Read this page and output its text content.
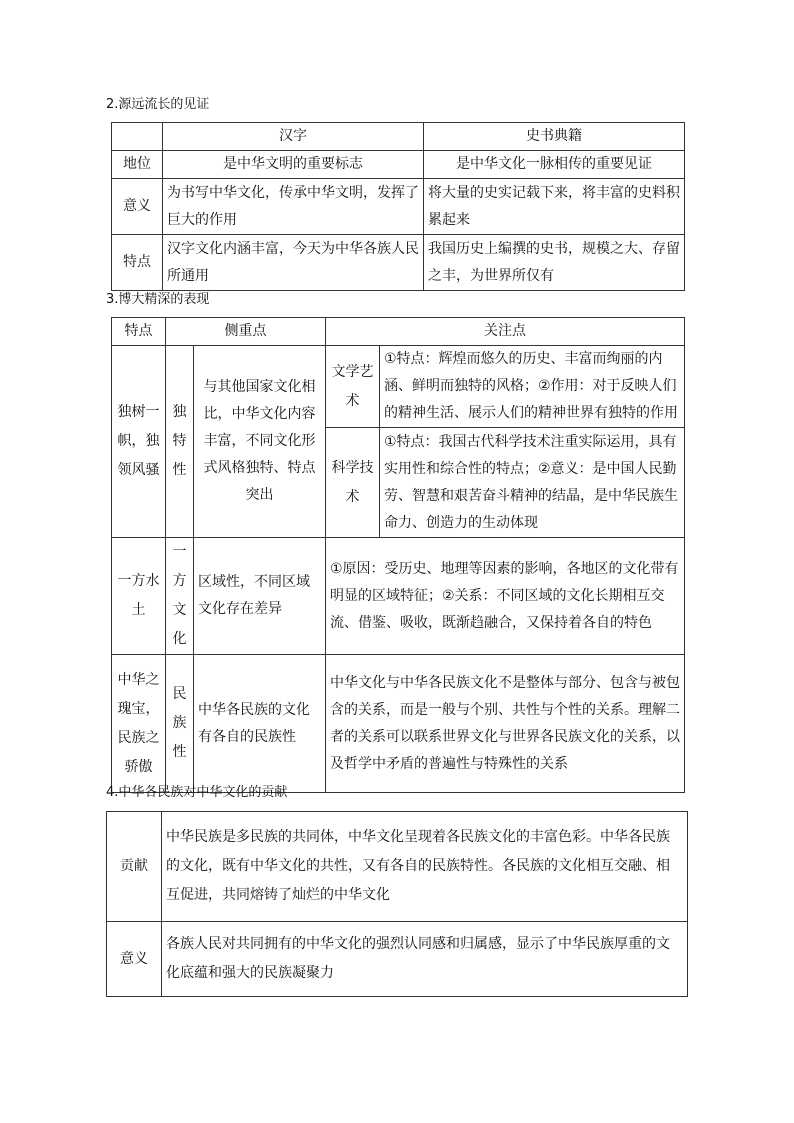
2.源远流长的见证
	汉字	史书典籍
地位	是中华文明的重要标志	是中华文化一脉相传的重要见证
意义	为书写中华文化，传承中华文明，发挥了巨大的作用	将大量的史实记载下来，将丰富的史料积累起来
特点	汉字文化内涵丰富，今天为中华各族人民所通用	我国历史上编撰的史书，规模之大、存留之丰，为世界所仅有
3.博大精深的表现
特点	侧重点		关注点	
独树一帜，独领风骚	独特性	与其他国家文化相比，中华文化内容丰富，不同文化形式风格独特、特点突出	文学艺术	①特点：辉煌而悠久的历史、丰富而绚丽的内涵、鲜明而独特的风格；②作用：对于反映人们的精神生活、展示人们的精神世界有独特的作用
			科学技术	①特点：我国古代科学技术注重实际运用，具有实用性和综合性的特点；②意义：是中国人民勤劳、智慧和艰苦奋斗精神的结晶，是中华民族生命力、创造力的生动体现
一方水土	一方文化	区域性，不同区域文化存在差异	①原因：受历史、地理等因素的影响，各地区的文化带有明显的区域特征；②关系：不同区域的文化长期相互交流、借鉴、吸收，既渐趋融合，又保持着各自的特色	
中华之瑰宝，民族之骄傲	民族性	中华各民族的文化有各自的民族性	中华文化与中华各民族文化不是整体与部分、包含与被包含的关系，而是一般与个别、共性与个性的关系。理解二者的关系可以联系世界文化与世界各民族文化的关系，以及哲学中矛盾的普遍性与特殊性的关系	
4.中华各民族对中华文化的贡献
贡献	中华民族是多民族的共同体，中华文化呈现着各民族文化的丰富色彩。中华各民族的文化，既有中华文化的共性，又有各自的民族特性。各民族的文化相互交融、相互促进，共同熔铸了灿烂的中华文化
意义	各族人民对共同拥有的中华文化的强烈认同感和归属感，显示了中华民族厚重的文化底蕴和强大的民族凝聚力
